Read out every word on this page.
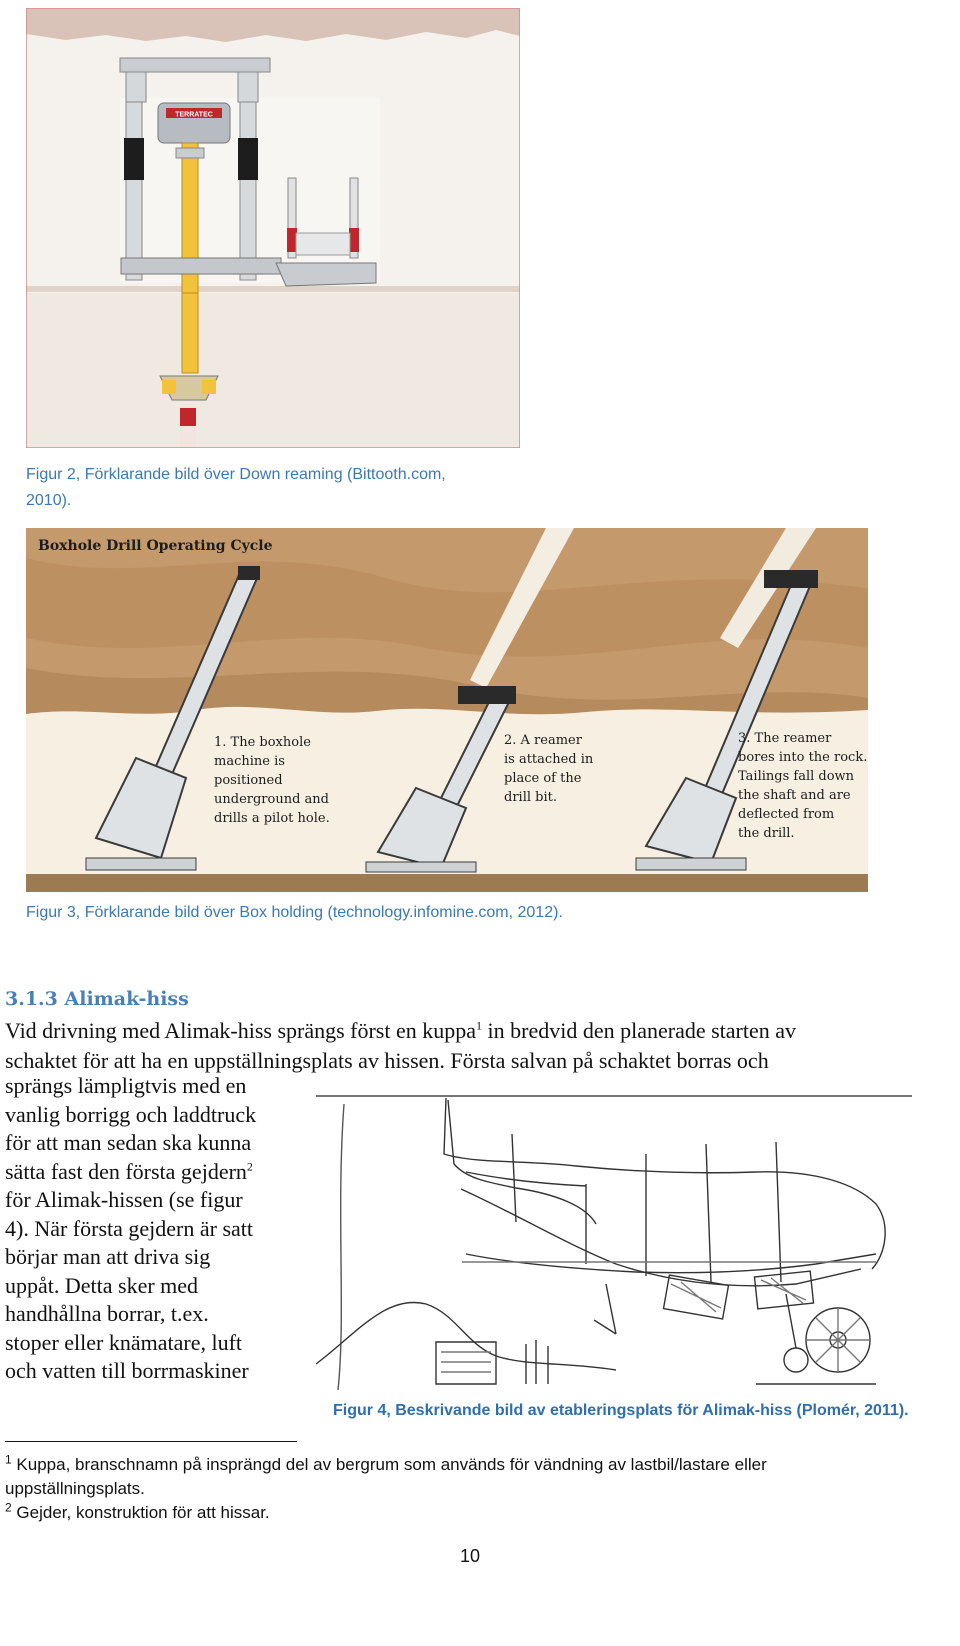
TERRATEC
Figur 2, Förklarande bild över Down reaming (Bittooth.com,
2010).
Boxhole Drill Operating Cycle
1. The boxhole
machine is
positioned
underground and
drills a pilot hole.
2. A reamer
is attached in
place of the
drill bit.
3. The reamer
bores into the rock.
Tailings fall down
the shaft and are
deflected from
the drill.
Figur 3, Förklarande bild över Box holding (technology.infomine.com, 2012).
3.1.3 Alimak-hiss
Vid drivning med Alimak-hiss sprängs först en kuppa$^1$ in bredvid den planerade starten av
schaktet för att ha en uppställningsplats av hissen. Första salvan på schaktet borras och
sprängs lämpligtvis med en
vanlig borrigg och laddtruck
för att man sedan ska kunna
sätta fast den första gejdern$^2$
för Alimak-hissen (se figur
4). När första gejdern är satt
börjar man att driva sig
uppåt. Detta sker med
handhållna borrar, t.ex.
stoper eller knämatare, luft
och vatten till borrmaskiner
Figur 4, Beskrivande bild av etableringsplats för Alimak-hiss (Plomér, 2011).
$^1$ Kuppa, branschnamn på insprängd del av bergrum som används för vändning av lastbil/lastare eller
uppställningsplats.
$^2$ Gejder, konstruktion för att hissar.
10
